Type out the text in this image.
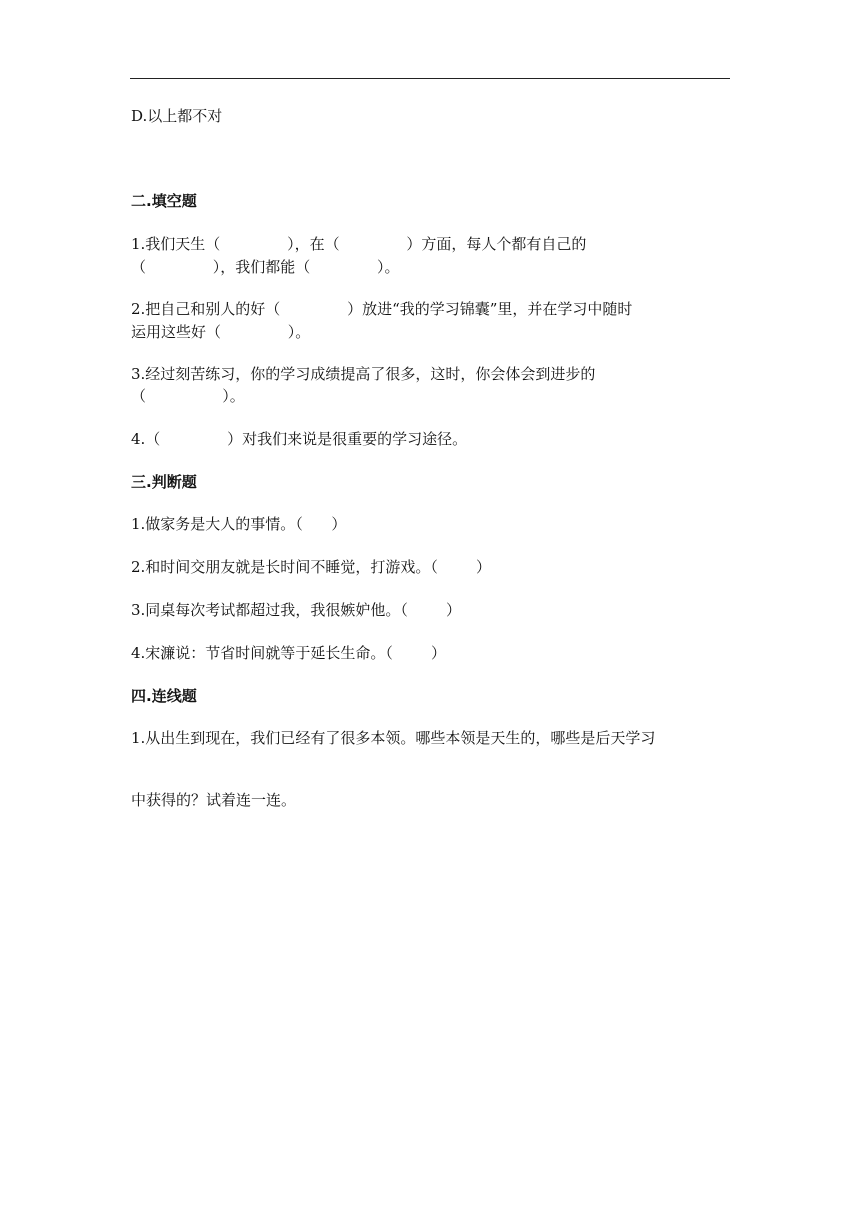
D.以上都不对
二.填空题
1.我们天生（              ），在（              ）方面，每人个都有自己的
（              ），我们都能（              ）。
2.把自己和别人的好（              ）放进“我的学习锦囊”里，并在学习中随时
运用这些好（              ）。
3.经过刻苦练习，你的学习成绩提高了很多，这时，你会体会到进步的
（                ）。
4.（              ）对我们来说是很重要的学习途径。
三.判断题
1.做家务是大人的事情。（      ）
2.和时间交朋友就是长时间不睡觉，打游戏。（        ）
3.同桌每次考试都超过我，我很嫉妒他。（        ）
4.宋濂说：节省时间就等于延长生命。（        ）
四.连线题
1.从出生到现在，我们已经有了很多本领。哪些本领是天生的，哪些是后天学习
中获得的？试着连一连。
